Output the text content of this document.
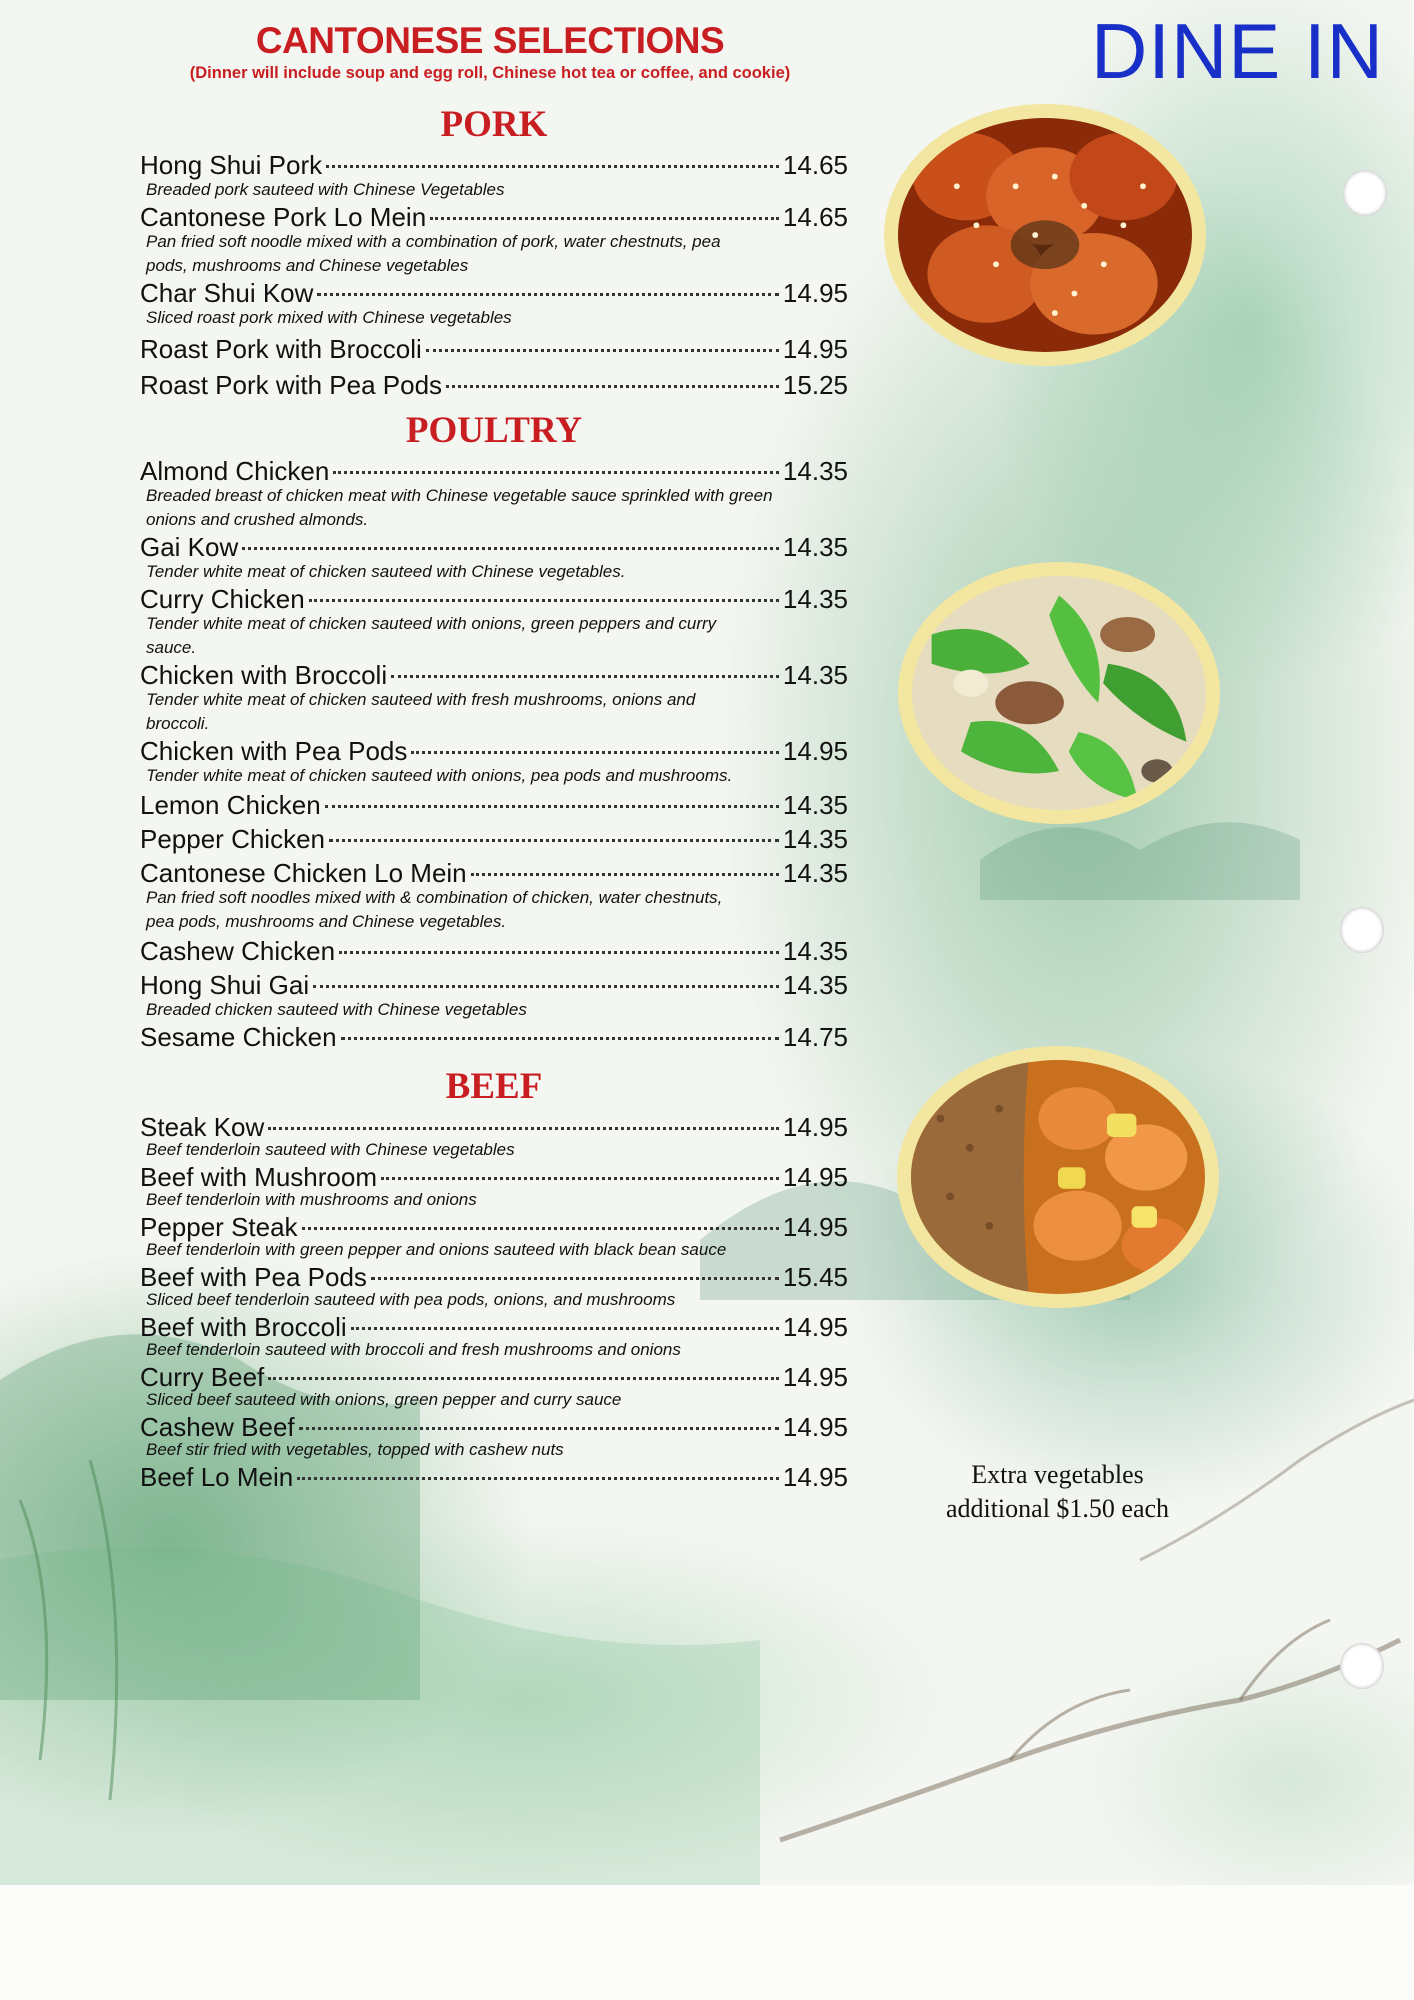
DINE IN
CANTONESE SELECTIONS
(Dinner will include soup and egg roll, Chinese hot tea or coffee, and cookie)
PORK
Hong Shui Pork	14.65
Breaded pork sauteed with Chinese Vegetables
Cantonese Pork Lo Mein	14.65
Pan fried soft noodle mixed with a combination of pork, water chestnuts, pea pods, mushrooms and Chinese vegetables
Char Shui Kow	14.95
Sliced roast pork mixed with Chinese vegetables
Roast Pork with Broccoli	14.95
Roast Pork with Pea Pods	15.25
POULTRY
Almond Chicken	14.35
Breaded breast of chicken meat with Chinese vegetable sauce sprinkled with green onions and crushed almonds.
Gai Kow	14.35
Tender white meat of chicken sauteed with Chinese vegetables.
Curry Chicken	14.35
Tender white meat of chicken sauteed with onions, green peppers and curry sauce.
Chicken with Broccoli	14.35
Tender white meat of chicken sauteed with fresh mushrooms, onions and broccoli.
Chicken with Pea Pods	14.95
Tender white meat of chicken sauteed with onions, pea pods and mushrooms.
Lemon Chicken	14.35
Pepper Chicken	14.35
Cantonese Chicken Lo Mein	14.35
Pan fried soft noodles mixed with & combination of chicken, water chestnuts, pea pods, mushrooms and Chinese vegetables.
Cashew Chicken	14.35
Hong Shui Gai	14.35
Breaded chicken sauteed with Chinese vegetables
Sesame Chicken	14.75
BEEF
Steak Kow	14.95
Beef tenderloin sauteed with Chinese vegetables
Beef with Mushroom	14.95
Beef tenderloin with mushrooms and onions
Pepper Steak	14.95
Beef tenderloin with green pepper and onions sauteed with black bean sauce
Beef with Pea Pods	15.45
Sliced beef tenderloin sauteed with pea pods, onions, and mushrooms
Beef with Broccoli	14.95
Beef tenderloin sauteed with broccoli and fresh mushrooms and onions
Curry Beef	14.95
Sliced beef sauteed with onions, green pepper and curry sauce
Cashew Beef	14.95
Beef stir fried with vegetables, topped with cashew nuts
Beef Lo Mein	14.95	Extra vegetables
additional $1.50 each
